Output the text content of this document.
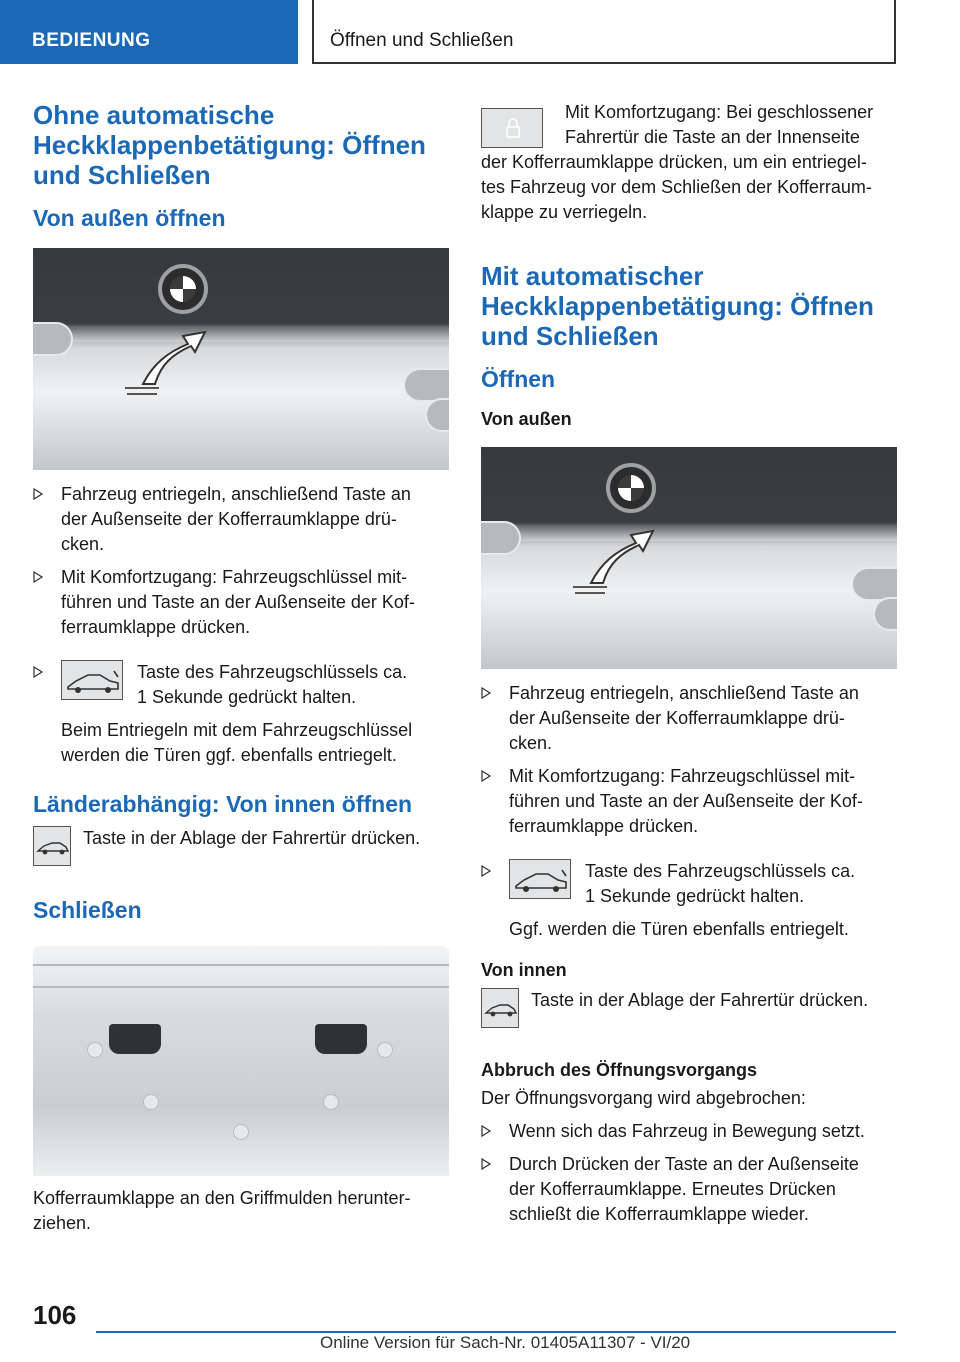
BEDIENUNG	Öffnen und Schließen
Ohne automatische
Heckklappenbetätigung: Öffnen
und Schließen
Von außen öffnen
Fahrzeug entriegeln, anschließend Taste an
der Außenseite der Kofferraumklappe drü-
cken.
Mit Komfortzugang: Fahrzeugschlüssel mit-
führen und Taste an der Außenseite der Kof-
ferraumklappe drücken.
Taste des Fahrzeugschlüssels ca.
1 Sekunde gedrückt halten.

Beim Entriegeln mit dem Fahrzeugschlüssel
werden die Türen ggf. ebenfalls entriegelt.

Länderabhängig: Von innen öffnen

Taste in der Ablage der Fahrertür drücken.

Schließen

Kofferraumklappe an den Griffmulden herunter-
ziehen.

Mit Komfortzugang: Bei geschlossener
Fahrertür die Taste an der Innenseite

der Kofferraumklappe drücken, um ein entriegel-
tes Fahrzeug vor dem Schließen der Kofferraum-
klappe zu verriegeln.

Mit automatischer
Heckklappenbetätigung: Öffnen
und Schließen
Öffnen
Von außen
Fahrzeug entriegeln, anschließend Taste an
der Außenseite der Kofferraumklappe drü-
cken.
Mit Komfortzugang: Fahrzeugschlüssel mit-
führen und Taste an der Außenseite der Kof-
ferraumklappe drücken.
Taste des Fahrzeugschlüssels ca.
1 Sekunde gedrückt halten.

Ggf. werden die Türen ebenfalls entriegelt.

Von innen

Taste in der Ablage der Fahrertür drücken.

Abbruch des Öffnungsvorgangs

Der Öffnungsvorgang wird abgebrochen:

Wenn sich das Fahrzeug in Bewegung setzt.
Durch Drücken der Taste an der Außenseite
der Kofferraumklappe. Erneutes Drücken
schließt die Kofferraumklappe wieder.
106
Online Version für Sach-Nr. 01405A11307 - VI/20
